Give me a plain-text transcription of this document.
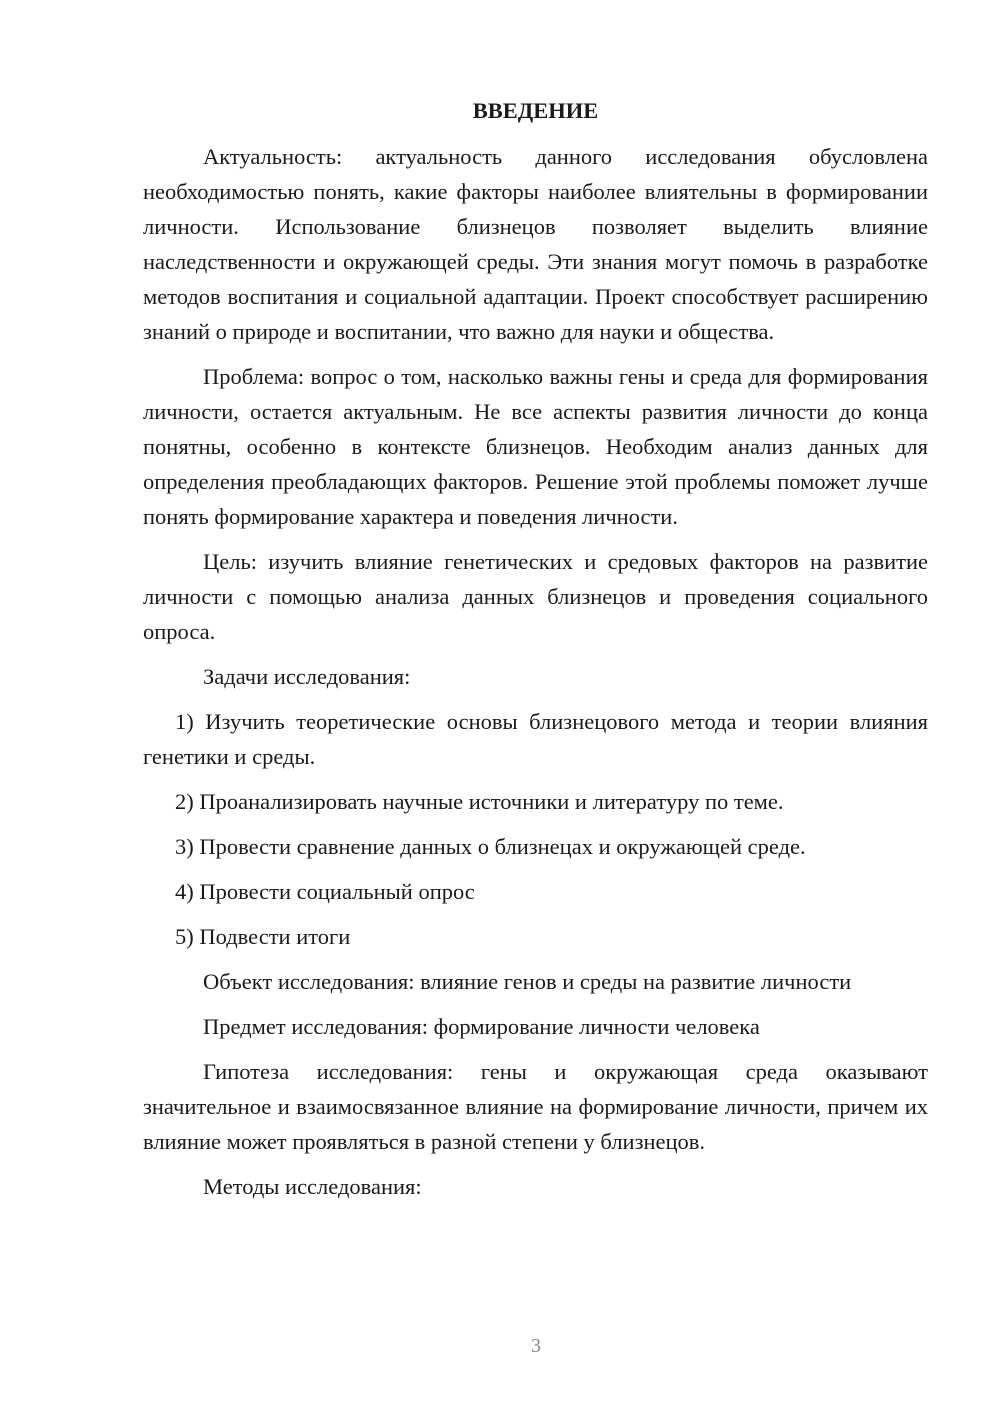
ВВЕДЕНИЕ

Актуальность: актуальность данного исследования обусловлена необходимостью понять, какие факторы наиболее влиятельны в формировании личности. Использование близнецов позволяет выделить влияние наследственности и окружающей среды. Эти знания могут помочь в разработке методов воспитания и социальной адаптации. Проект способствует расширению знаний о природе и воспитании, что важно для науки и общества.

Проблема: вопрос о том, насколько важны гены и среда для формирования личности, остается актуальным. Не все аспекты развития личности до конца понятны, особенно в контексте близнецов. Необходим анализ данных для определения преобладающих факторов. Решение этой проблемы поможет лучше понять формирование характера и поведения личности.

Цель: изучить влияние генетических и средовых факторов на развитие личности с помощью анализа данных близнецов и проведения социального опроса.

Задачи исследования:

1) Изучить теоретические основы близнецового метода и теории влияния генетики и среды.

2) Проанализировать научные источники и литературу по теме.

3) Провести сравнение данных о близнецах и окружающей среде.

4) Провести социальный опрос

5) Подвести итоги

Объект исследования: влияние генов и среды на развитие личности

Предмет исследования: формирование личности человека

Гипотеза исследования: гены и окружающая среда оказывают значительное и взаимосвязанное влияние на формирование личности, причем их влияние может проявляться в разной степени у близнецов.

Методы исследования:

3
